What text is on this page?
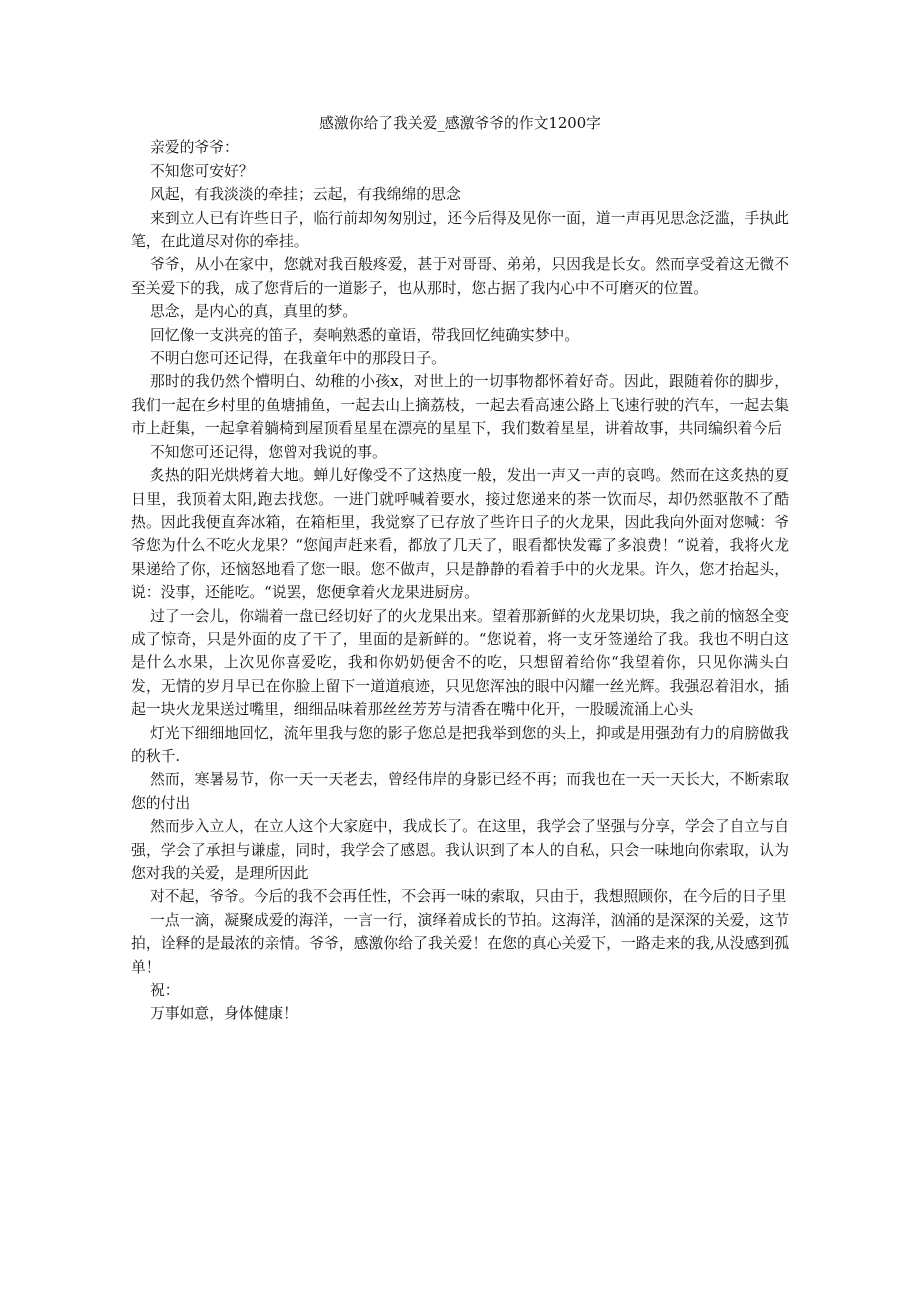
感激你给了我关爱_感激爷爷的作文1200字

亲爱的爷爷：

不知您可安好？

风起，有我淡淡的牵挂；云起，有我绵绵的思念

来到立人已有许些日子，临行前却匆匆别过，还今后得及见你一面，道一声再见思念泛滥，手执此笔，在此道尽对你的牵挂。

爷爷，从小在家中，您就对我百般疼爱，甚于对哥哥、弟弟，只因我是长女。然而享受着这无微不至关爱下的我，成了您背后的一道影子，也从那时，您占据了我内心中不可磨灭的位置。

思念，是内心的真，真里的梦。

回忆像一支洪亮的笛子，奏响熟悉的童语，带我回忆纯确实梦中。

不明白您可还记得，在我童年中的那段日子。

那时的我仍然个懵明白、幼稚的小孩x，对世上的一切事物都怀着好奇。因此，跟随着你的脚步，我们一起在乡村里的鱼塘捕鱼，一起去山上摘荔枝，一起去看高速公路上飞速行驶的汽车，一起去集市上赶集，一起拿着躺椅到屋顶看星星在漂亮的星星下，我们数着星星，讲着故事，共同编织着今后

不知您可还记得，您曾对我说的事。

炙热的阳光烘烤着大地。蝉儿好像受不了这热度一般，发出一声又一声的哀鸣。然而在这炙热的夏日里，我顶着太阳,跑去找您。一进门就呼喊着要水，接过您递来的茶一饮而尽，却仍然驱散不了酷热。因此我便直奔冰箱，在箱柜里，我觉察了已存放了些许日子的火龙果，因此我向外面对您喊：爷爷您为什么不吃火龙果？“您闻声赶来看，都放了几天了，眼看都快发霉了多浪费！“说着，我将火龙果递给了你，还恼怒地看了您一眼。您不做声，只是静静的看着手中的火龙果。许久，您才抬起头，说：没事，还能吃。“说罢，您便拿着火龙果进厨房。

过了一会儿，你端着一盘已经切好了的火龙果出来。望着那新鲜的火龙果切块，我之前的恼怒全变成了惊奇，只是外面的皮了干了，里面的是新鲜的。“您说着，将一支牙签递给了我。我也不明白这是什么水果，上次见你喜爱吃，我和你奶奶便舍不的吃，只想留着给你“我望着你，只见你满头白发，无情的岁月早已在你脸上留下一道道痕迹，只见您浑浊的眼中闪耀一丝光辉。我强忍着泪水，插起一块火龙果送过嘴里，细细品味着那丝丝芳芳与清香在嘴中化开，一股暖流涌上心头

灯光下细细地回忆，流年里我与您的影子您总是把我举到您的头上，抑或是用强劲有力的肩膀做我的秋千.

然而，寒暑易节，你一天一天老去，曾经伟岸的身影已经不再；而我也在一天一天长大，不断索取您的付出

然而步入立人，在立人这个大家庭中，我成长了。在这里，我学会了坚强与分享，学会了自立与自强，学会了承担与谦虚，同时，我学会了感恩。我认识到了本人的自私，只会一味地向你索取，认为您对我的关爱，是理所因此

对不起，爷爷。今后的我不会再任性，不会再一味的索取，只由于，我想照顾你，在今后的日子里

一点一滴，凝聚成爱的海洋，一言一行，演绎着成长的节拍。这海洋，汹涌的是深深的关爱，这节拍，诠释的是最浓的亲情。爷爷，感激你给了我关爱！在您的真心关爱下，一路走来的我,从没感到孤单！

祝：

万事如意，身体健康！
